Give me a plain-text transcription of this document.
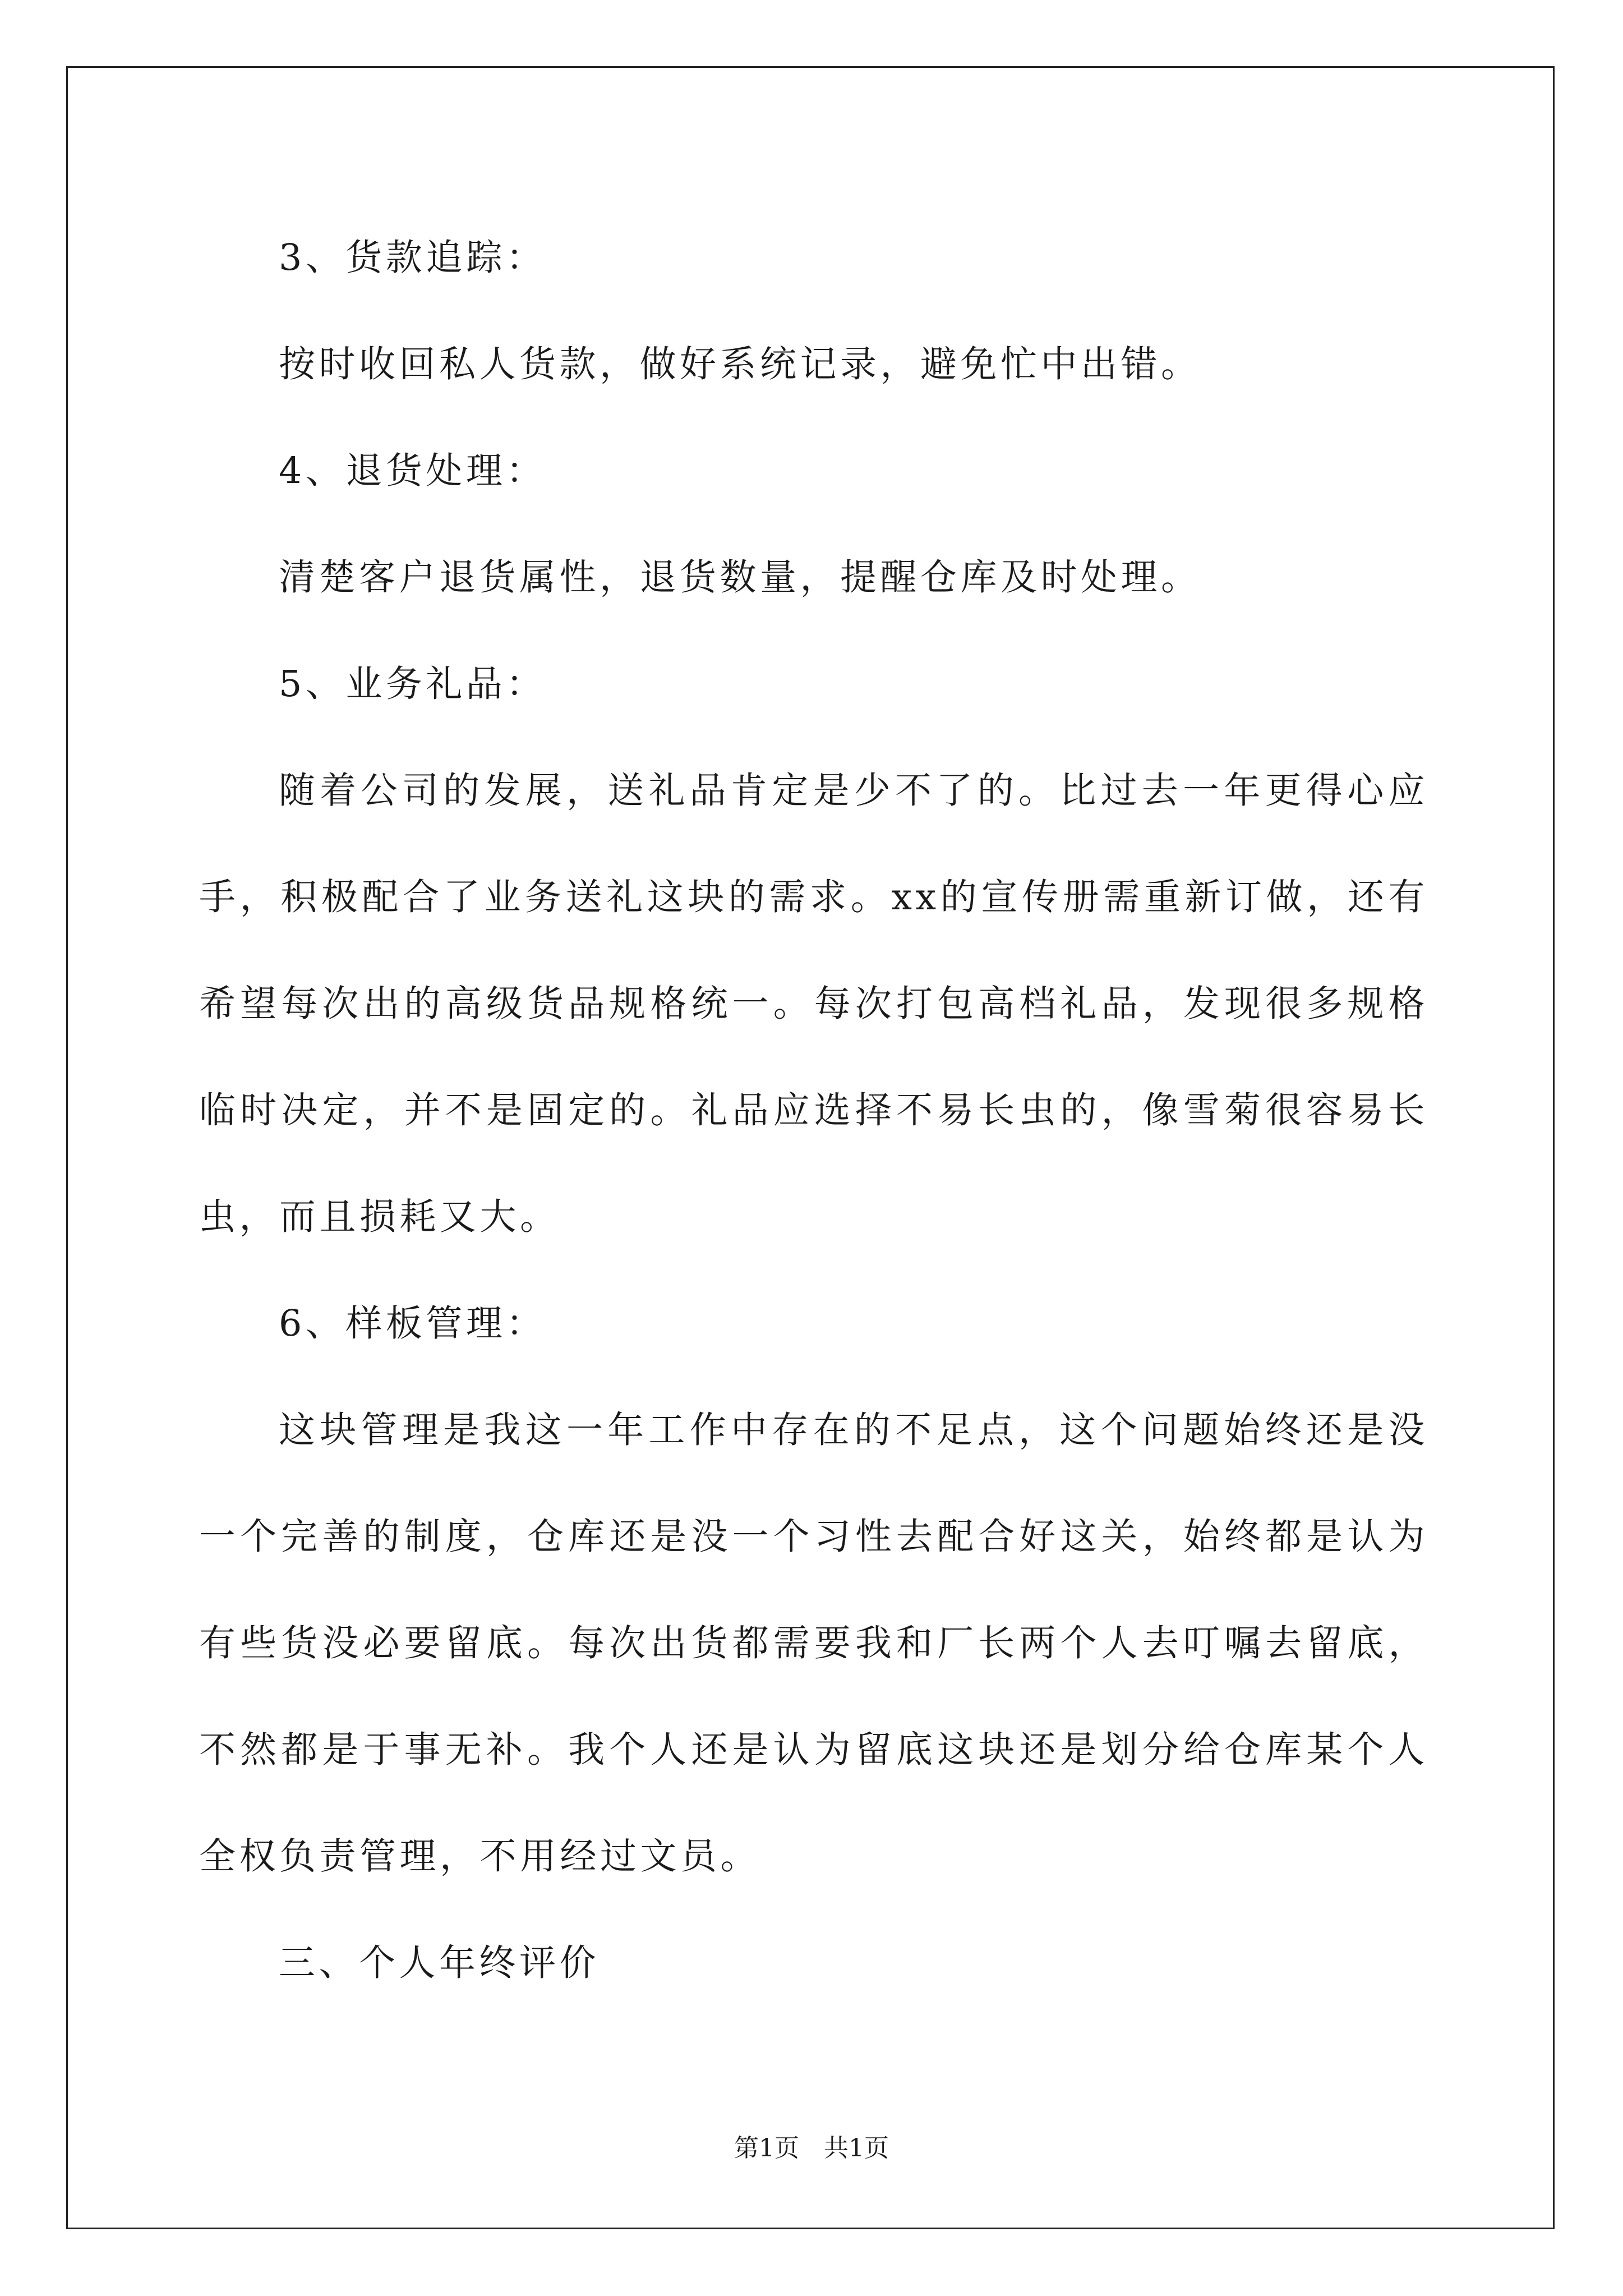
3、货款追踪：

按时收回私人货款，做好系统记录，避免忙中出错。

4、退货处理：

清楚客户退货属性，退货数量，提醒仓库及时处理。

5、业务礼品：

随着公司的发展，送礼品肯定是少不了的。比过去一年更得心应手，积极配合了业务送礼这块的需求。xx的宣传册需重新订做，还有希望每次出的高级货品规格统一。每次打包高档礼品，发现很多规格临时决定，并不是固定的。礼品应选择不易长虫的，像雪菊很容易长虫，而且损耗又大。

6、样板管理：

这块管理是我这一年工作中存在的不足点，这个问题始终还是没一个完善的制度，仓库还是没一个习性去配合好这关，始终都是认为有些货没必要留底。每次出货都需要我和厂长两个人去叮嘱去留底，不然都是于事无补。我个人还是认为留底这块还是划分给仓库某个人全权负责管理，不用经过文员。

三、个人年终评价

第1页　共1页
